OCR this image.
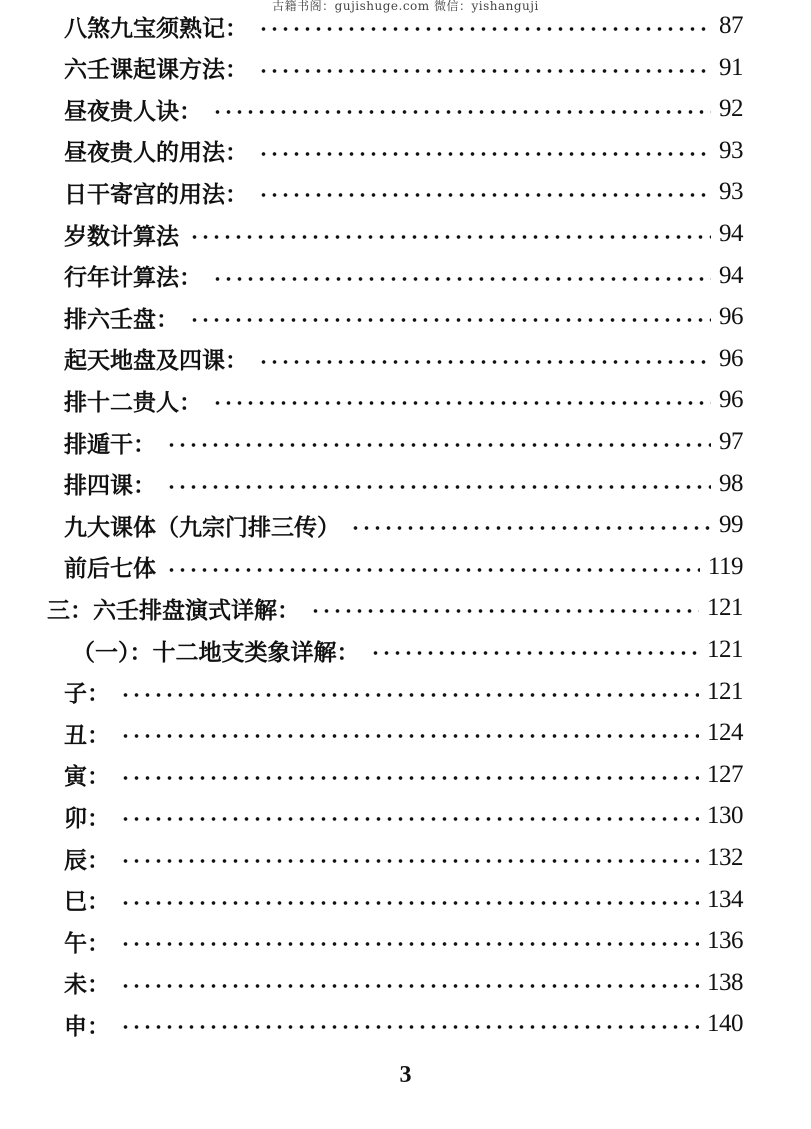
古籍书阁：gujishuge.com 微信：yishanguji
八煞九宝须熟记：	87
六壬课起课方法：	91
昼夜贵人诀：	92
昼夜贵人的用法：	93
日干寄宫的用法：	93
岁数计算法	94
行年计算法：	94
排六壬盘：	96
起天地盘及四课：	96
排十二贵人：	96
排遁干：	97
排四课：	98
九大课体（九宗门排三传）	99
前后七体	119
三：六壬排盘演式详解：	121
（一）：十二地支类象详解：	121
子：	121
丑：	124
寅：	127
卯：	130
辰：	132
巳：	134
午：	136
未：	138
申：	140
3
